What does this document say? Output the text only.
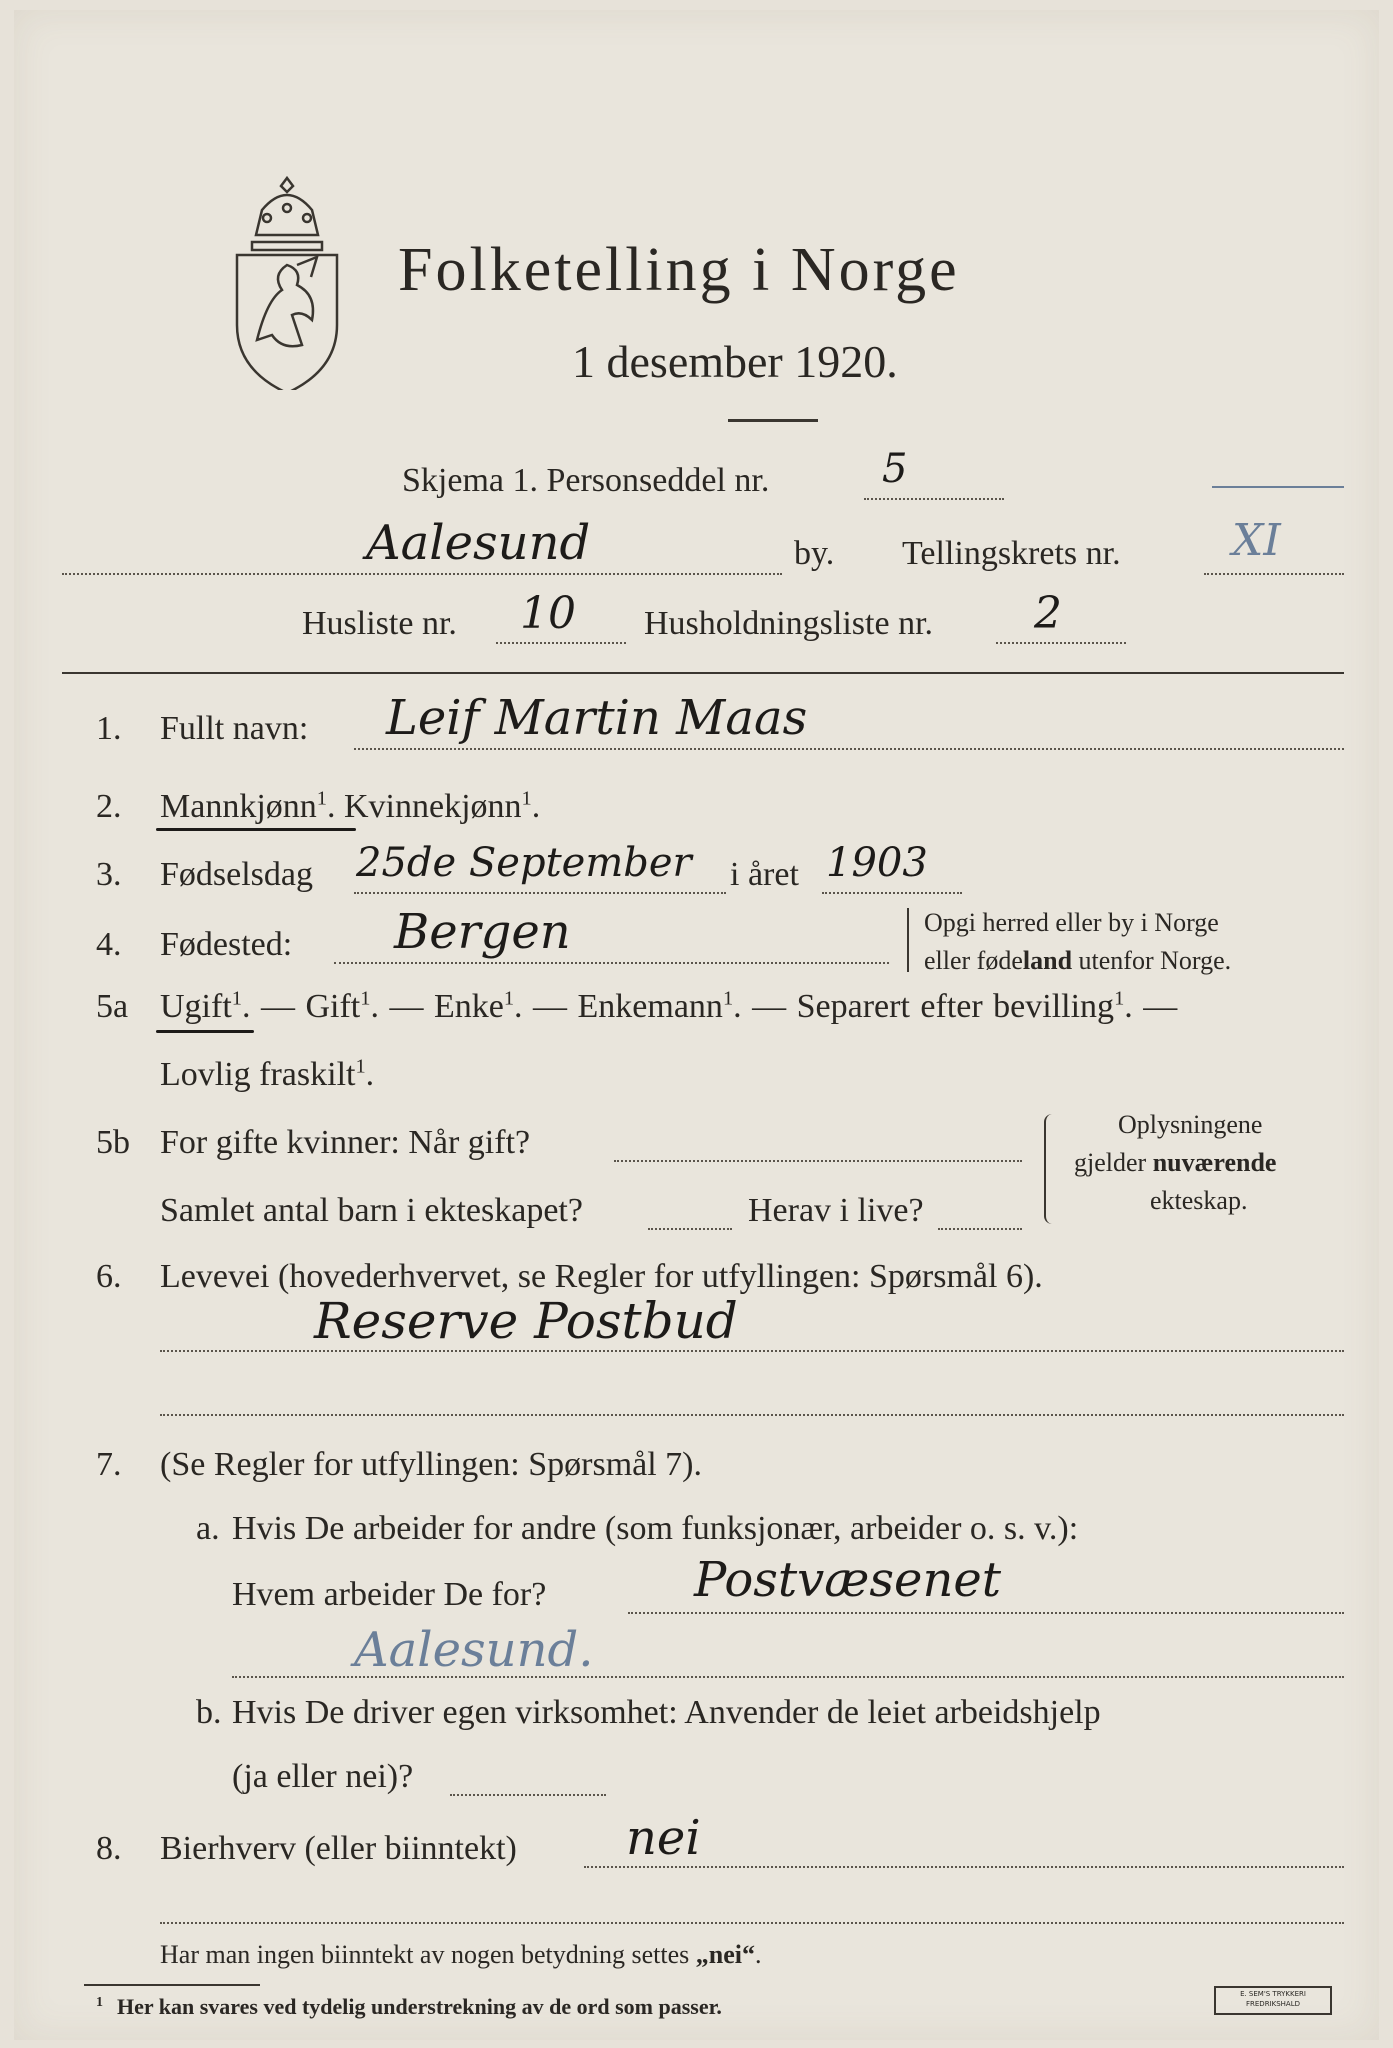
Folketelling i Norge
1 desember 1920.
Skjema 1. Personseddel nr.	5
Aalesund	by. Tellingskrets nr.	XI
Husliste nr. 10 Husholdningsliste nr. 2
1. Fullt navn: Leif Martin Maas
2. Mannkjønn$^1$. Kvinnekjønn$^1$.
3. Fødselsdag 25de September i året 1903
4. Fødested: Bergen	Opgi herred eller by i Norge
eller fødeland utenfor Norge.
5a Ugift$^1$. — Gift$^1$. — Enke$^1$. — Enkemann$^1$. — Separert efter bevilling$^1$. —
Lovlig fraskilt$^1$.
5b For gifte kvinner: Når gift?
Samlet antal barn i ekteskapet?	Herav i live?
Oplysningene
gjelder nuværende
ekteskap.
6. Levevei (hovederhvervet, se Regler for utfyllingen: Spørsmål 6).
Reserve Postbud
7. (Se Regler for utfyllingen: Spørsmål 7).
a. Hvis De arbeider for andre (som funksjonær, arbeider o. s. v.):
Hvem arbeider De for?	Postvæsenet
Aalesund.
b. Hvis De driver egen virksomhet: Anvender de leiet arbeidshjelp
(ja eller nei)?
8. Bierhverv (eller biinntekt) nei
Har man ingen biinntekt av nogen betydning settes „nei“.
$^1$ Her kan svares ved tydelig understrekning av de ord som passer.	E. SEM'S TRYKKERI
FREDRIKSHALD
